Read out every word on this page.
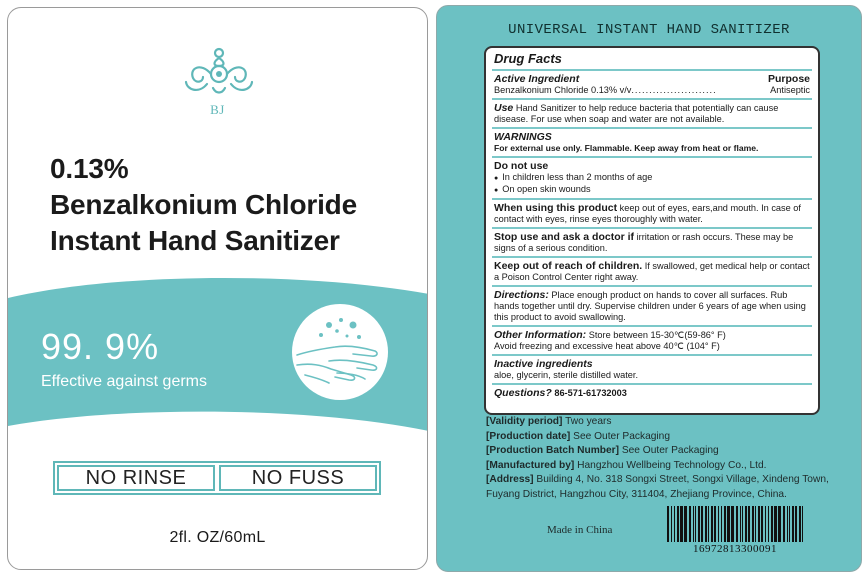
BJ
0.13%
Benzalkonium Chloride
Instant Hand Sanitizer
99. 9%
Effective against germs
NO RINSE	NO FUSS
2fl. OZ/60mL
UNIVERSAL INSTANT HAND SANITIZER
Drug Facts
Active Ingredient	Purpose
Benzalkonium Chloride 0.13% v/v ........................	Antiseptic
Use Hand Sanitizer to help reduce bacteria that potentially can cause disease. For use when soap and water are not available.
WARNINGS
For external use only. Flammable. Keep away from heat or flame.
Do not use
● In children less than 2 months of age
● On open skin wounds
When using this product keep out of eyes, ears,and mouth. In case of contact with eyes, rinse eyes thoroughly with water.
Stop use and ask a doctor if irritation or rash occurs. These may be signs of a serious condition.
Keep out of reach of children. If swallowed, get medical help or contact a Poison Control Center right away.
Directions: Place enough product on hands to cover all surfaces. Rub hands together until dry. Supervise children under 6 years of age when using this product to avoid swallowing.
Other Information: Store between 15-30℃(59-86° F)
Avoid freezing and excessive heat above 40℃ (104° F)
Inactive ingredients
aloe, glycerin, sterile distilled water.
Questions? 86-571-61732003
[Validity period] Two years
[Production date] See Outer Packaging
[Production Batch Number] See Outer Packaging
[Manufactured by] Hangzhou Wellbeing Technology Co., Ltd.
[Address] Building 4, No. 318 Songxi Street, Songxi Village, Xindeng Town, Fuyang District, Hangzhou City, 311404, Zhejiang Province, China.
Made in China
16972813300091
